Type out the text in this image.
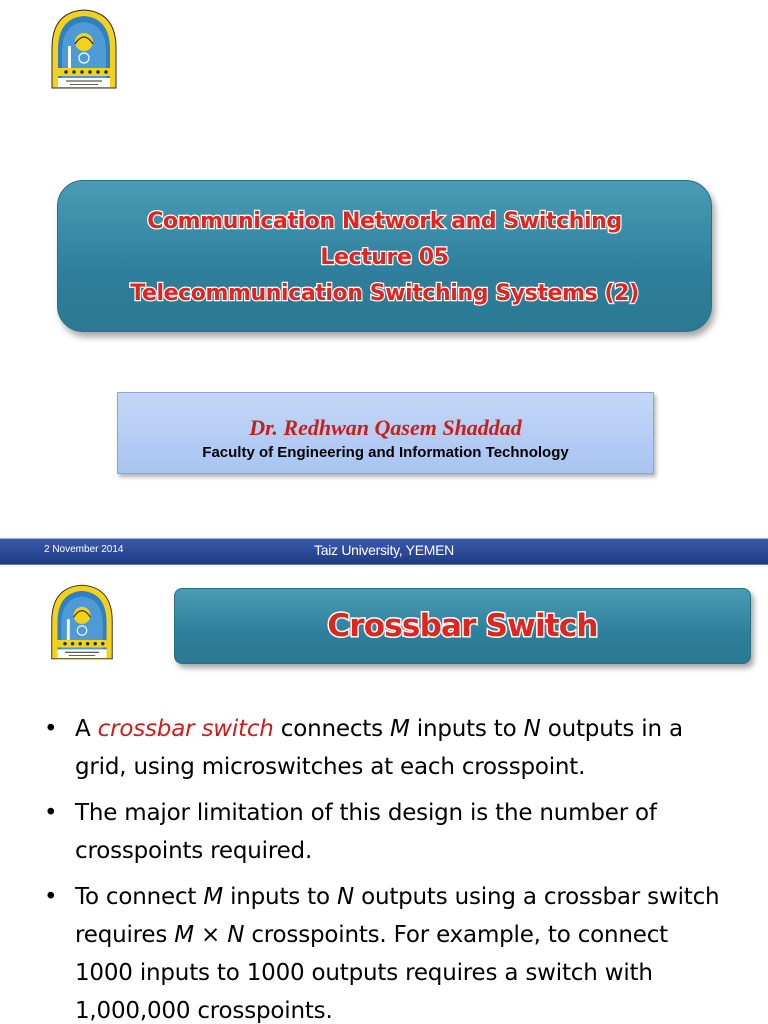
Communication Network and Switching
Lecture 05
Telecommunication Switching Systems (2)
Dr. Redhwan Qasem Shaddad
Faculty of Engineering and Information Technology
2 November 2014	Taiz University, YEMEN
Crossbar Switch
• A crossbar switch connects M inputs to N outputs in a grid, using microswitches at each crosspoint.
• The major limitation of this design is the number of crosspoints required.
• To connect M inputs to N outputs using a crossbar switch requires M × N crosspoints. For example, to connect 1000 inputs to 1000 outputs requires a switch with 1,000,000 crosspoints.
